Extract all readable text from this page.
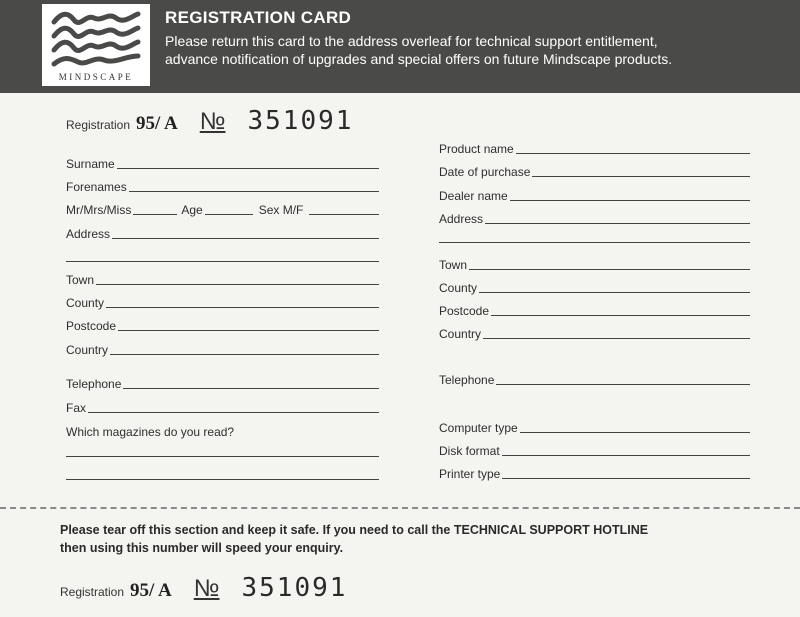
MINDSCAPE
REGISTRATION CARD
Please return this card to the address overleaf for technical support entitlement,
advance notification of upgrades and special offers on future Mindscape products.
Registration 95/ A № 351091
Surname
Forenames
Mr/Mrs/Miss	Age	Sex M/F
Address
Town
County
Postcode
Country
Telephone
Fax
Which magazines do you read?
Product name
Date of purchase
Dealer name
Address
Town
County
Postcode
Country
Telephone
Computer type
Disk format
Printer type
Please tear off this section and keep it safe. If you need to call the TECHNICAL SUPPORT HOTLINE
then using this number will speed your enquiry.
Registration 95/ A № 351091
